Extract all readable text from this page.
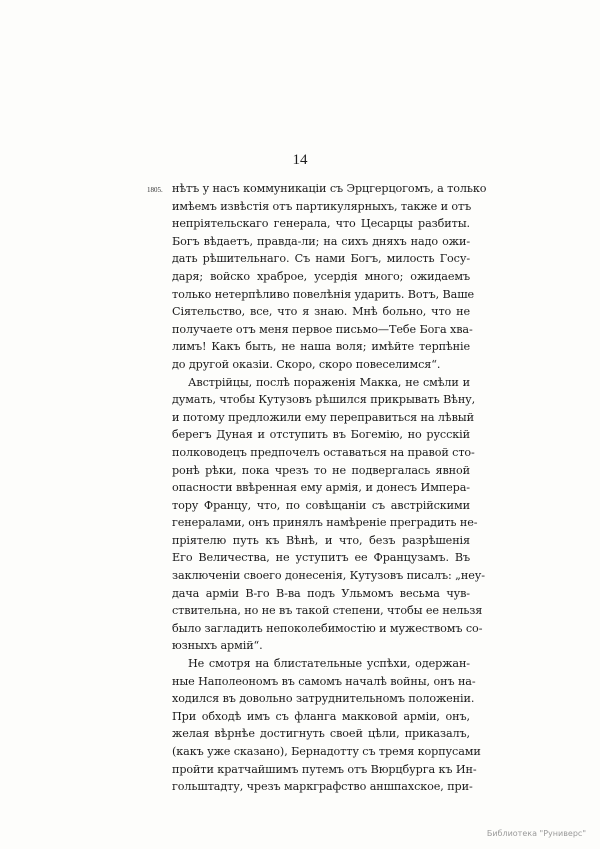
14
1805. нѣтъ у насъ коммуникацiи съ Эрцгерцогомъ, а только
имѣемъ извѣстiя отъ партикулярныхъ, также и отъ
непрiятельскаго генерала, что Цесарцы разбиты.
Богъ вѣдаетъ, правда-ли; на сихъ дняхъ надо ожи-
дать рѣшительнаго. Съ нами Богъ, милость Госу-
даря; войско храброе, усердiя много; ожидаемъ
только нетерпѣливо повелѣнiя ударить. Вотъ, Ваше
Сiятельство, все, что я знаю. Мнѣ больно, что не
получаете отъ меня первое письмо—Тебе Бога хва-
лимъ! Какъ быть, не наша воля; имѣйте терпѣнiе
до другой оказiи. Скоро, скоро повеселимся“.
Австрiйцы, послѣ пораженiя Макка, не смѣли и
думать, чтобы Кутузовъ рѣшился прикрывать Вѣну,
и потому предложили ему переправиться на лѣвый
берегъ Дуная и отступить въ Богемiю, но русскiй
полководецъ предпочелъ оставаться на правой сто-
ронѣ рѣки, пока чрезъ то не подвергалась явной
опасности ввѣренная ему армiя, и донесъ Импера-
тору Францу, что, по совѣщанiи съ австрiйскими
генералами, онъ принялъ намѣренiе преградить не-
прiятелю путь къ Вѣнѣ, и что, безъ разрѣшенiя
Его Величества, не уступитъ ее Французамъ. Въ
заключенiи своего донесенiя, Кутузовъ писалъ: „неу-
дача армiи В-го В-ва подъ Ульмомъ весьма чув-
ствительна, но не въ такой степени, чтобы ее нельзя
было загладить непоколебимостiю и мужествомъ со-
юзныхъ армiй“.
Не смотря на блистательные успѣхи, одержан-
ные Наполеономъ въ самомъ началѣ войны, онъ на-
ходился въ довольно затруднительномъ положенiи.
При обходѣ имъ съ фланга макковой армiи, онъ,
желая вѣрнѣе достигнуть своей цѣли, приказалъ,
(какъ уже сказано), Бернадотту съ тремя корпусами
пройти кратчайшимъ путемъ отъ Вюрцбурга къ Ин-
гольштадту, чрезъ маркграфство аншпахское, при-
Библиотека "Руниверс"
